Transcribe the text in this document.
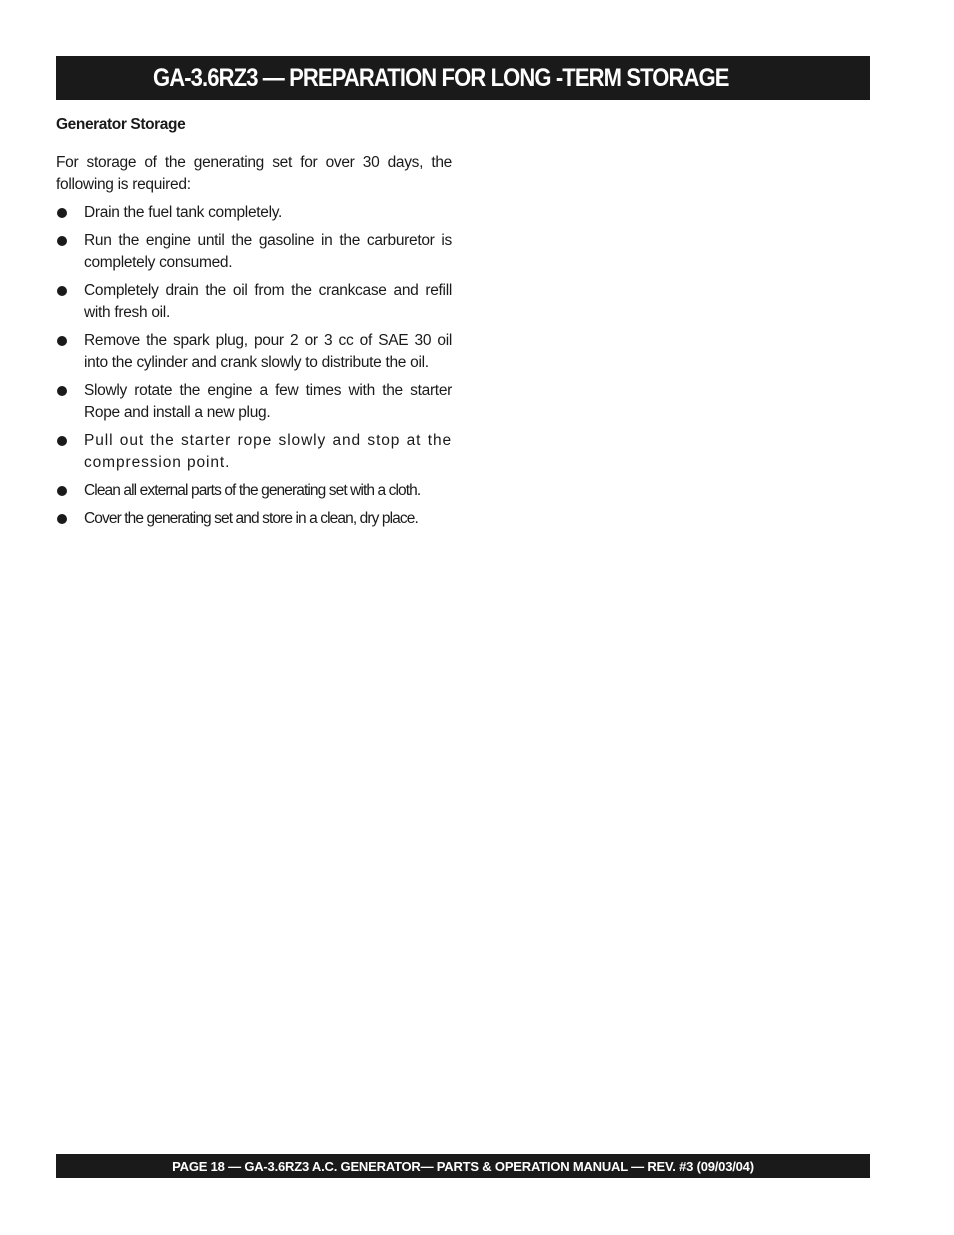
GA-3.6RZ3 — PREPARATION FOR LONG -TERM STORAGE

Generator Storage

For storage of the generating set for over 30 days, the following is required:

Drain the fuel tank completely.
Run the engine until the gasoline in the carburetor is completely consumed.
Completely drain the oil from the crankcase and refill with fresh oil.
Remove the spark plug, pour 2 or 3 cc of SAE 30 oil into the cylinder and crank slowly to distribute the oil.
Slowly rotate the engine a few times with the starter Rope and install a new plug.
Pull out the starter rope slowly and stop at the compression point.
Clean all external parts of the generating set with a cloth.
Cover the generating set and store in a clean, dry place.
PAGE 18 — GA-3.6RZ3 A.C. GENERATOR— PARTS & OPERATION MANUAL — REV. #3 (09/03/04)
